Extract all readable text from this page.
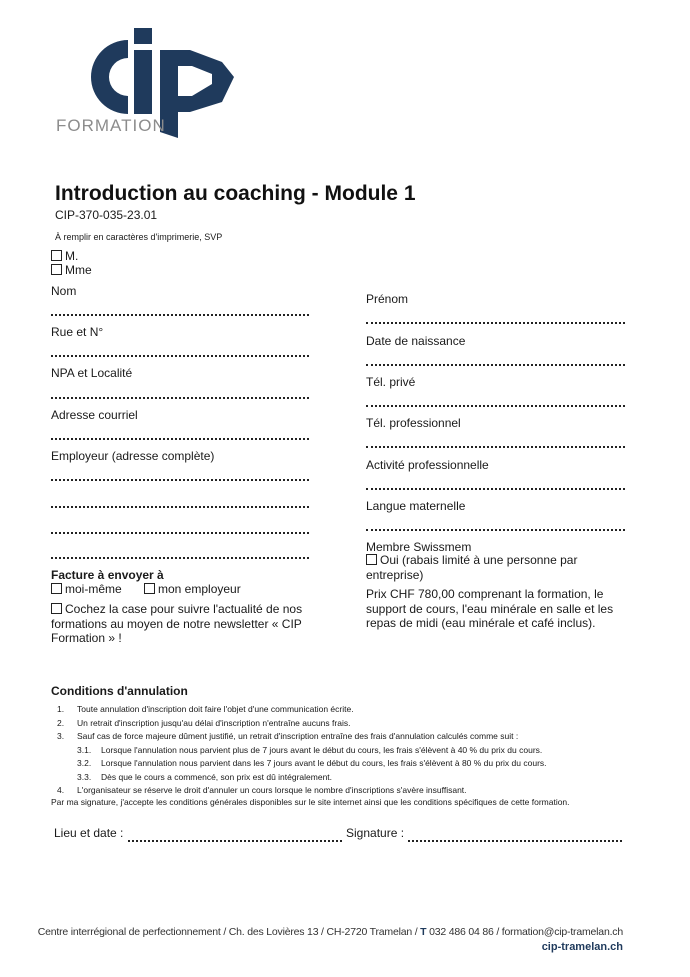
FORMATION
Introduction au coaching - Module 1
CIP-370-035-23.01
À remplir en caractères d'imprimerie, SVP
M.
Mme
Nom
Rue et N°
NPA et Localité
Adresse courriel
Employeur (adresse complète)
Facture à envoyer à
moi-même	mon employeur
Cochez la case pour suivre l'actualité de nos formations au moyen de notre newsletter « CIP Formation » !
Prénom
Date de naissance
Tél. privé
Tél. professionnel
Activité professionnelle
Langue maternelle
Membre Swissmem
Oui (rabais limité à une personne par entreprise)
Prix CHF 780,00 comprenant la formation, le support de cours, l'eau minérale en salle et les repas de midi (eau minérale et café inclus).
Conditions d'annulation
1. Toute annulation d'inscription doit faire l'objet d'une communication écrite.
2. Un retrait d'inscription jusqu'au délai d'inscription n'entraîne aucuns frais.
3. Sauf cas de force majeure dûment justifié, un retrait d'inscription entraîne des frais d'annulation calculés comme suit :
3.1. Lorsque l'annulation nous parvient plus de 7 jours avant le début du cours, les frais s'élèvent à 40 % du prix du cours.
3.2. Lorsque l'annulation nous parvient dans les 7 jours avant le début du cours, les frais s'élèvent à 80 % du prix du cours.
3.3. Dès que le cours a commencé, son prix est dû intégralement.
4. L'organisateur se réserve le droit d'annuler un cours lorsque le nombre d'inscriptions s'avère insuffisant.
Par ma signature, j'accepte les conditions générales disponibles sur le site internet ainsi que les conditions spécifiques de cette formation.
Lieu et date :	Signature :
Centre interrégional de perfectionnement / Ch. des Lovières 13 / CH-2720 Tramelan / T 032 486 04 86 / formation@cip-tramelan.ch
cip-tramelan.ch
